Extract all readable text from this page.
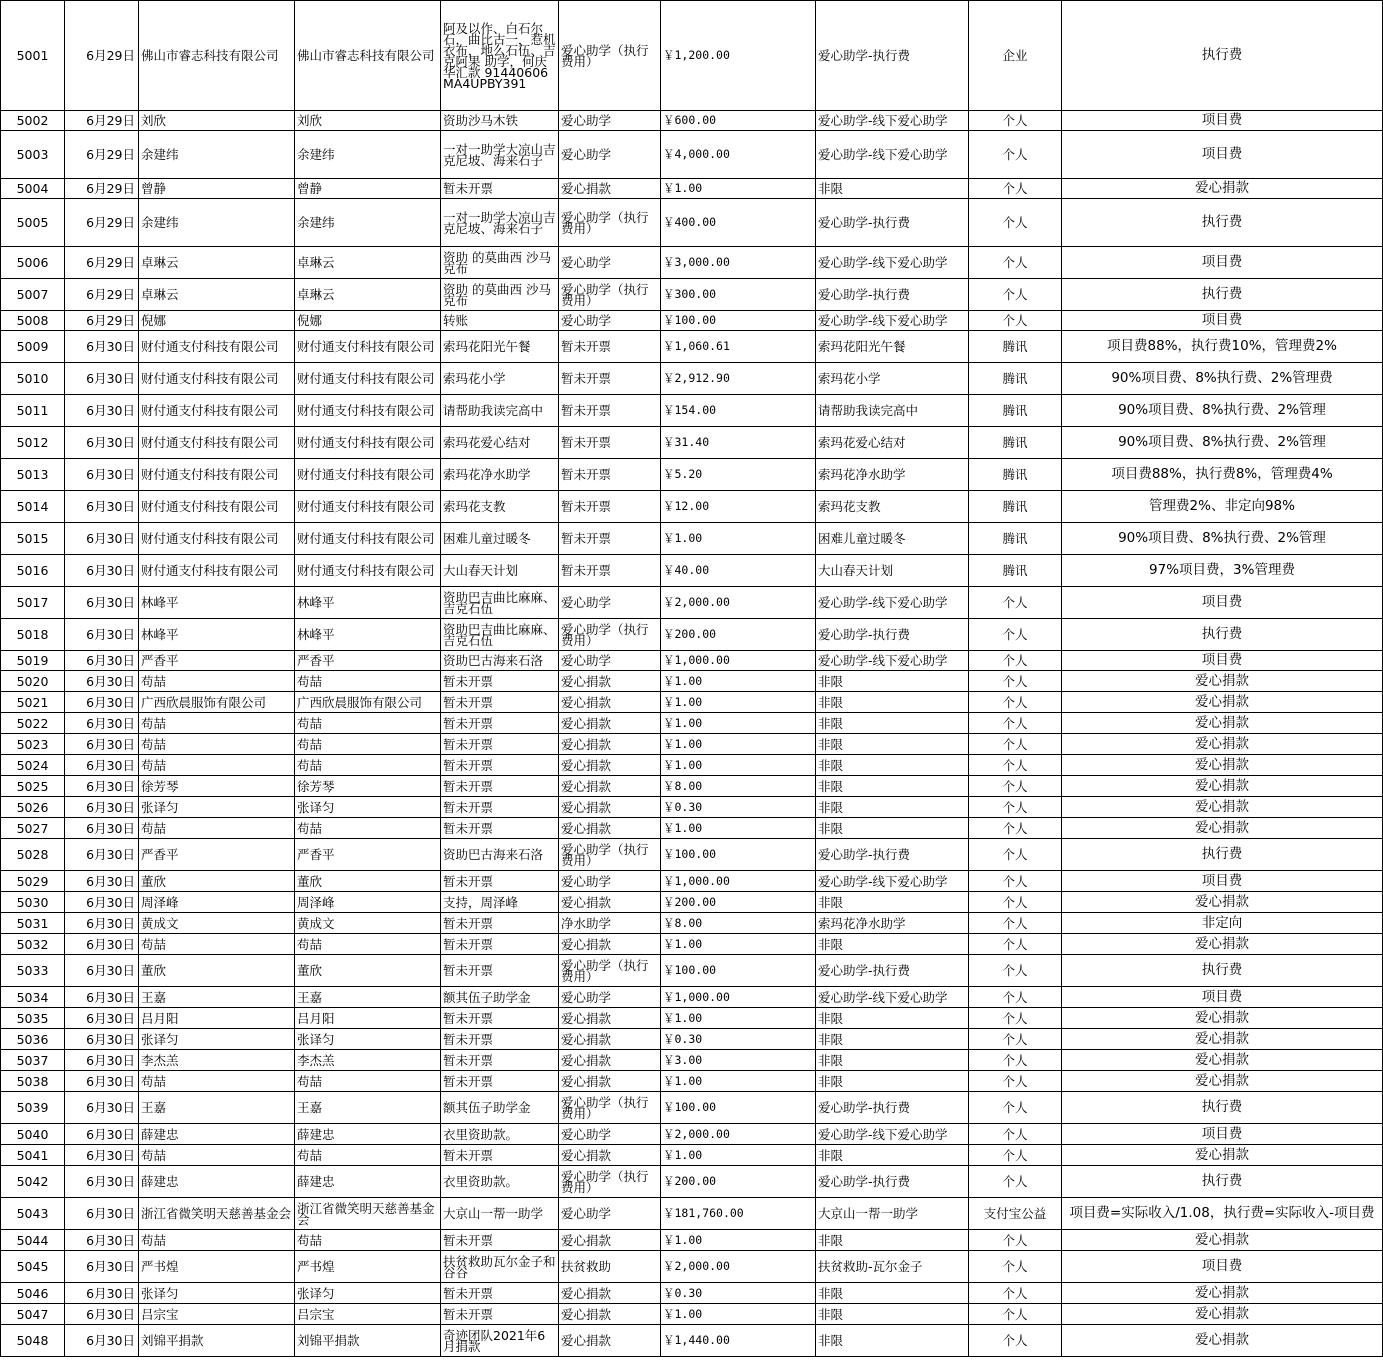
5001	6月29日	佛山市睿志科技有限公司	佛山市睿志科技有限公司	阿及以作、白石尔石，曲比古一，惹机衣布，地么石伍、吉克阿果 助学，何庆华汇款 91440606MA4UPBY391	爱心助学（执行费用）	￥1,200.00	爱心助学-执行费	企业	执行费
5002	6月29日	刘欣	刘欣	资助沙马木铁	爱心助学	￥600.00	爱心助学-线下爱心助学	个人	项目费
5003	6月29日	余建纬	余建纬	一对一助学大凉山吉克尼坡、海来石子	爱心助学	￥4,000.00	爱心助学-线下爱心助学	个人	项目费
5004	6月29日	曾静	曾静	暂未开票	爱心捐款	￥1.00	非限	个人	爱心捐款
5005	6月29日	余建纬	余建纬	一对一助学大凉山吉克尼坡、海来石子	爱心助学（执行费用）	￥400.00	爱心助学-执行费	个人	执行费
5006	6月29日	卓琳云	卓琳云	资助 的莫曲西 沙马克布	爱心助学	￥3,000.00	爱心助学-线下爱心助学	个人	项目费
5007	6月29日	卓琳云	卓琳云	资助 的莫曲西 沙马克布	爱心助学（执行费用）	￥300.00	爱心助学-执行费	个人	执行费
5008	6月29日	倪娜	倪娜	转账	爱心助学	￥100.00	爱心助学-线下爱心助学	个人	项目费
5009	6月30日	财付通支付科技有限公司	财付通支付科技有限公司	索玛花阳光午餐	暂未开票	￥1,060.61	索玛花阳光午餐	腾讯	项目费88%，执行费10%，管理费2%
5010	6月30日	财付通支付科技有限公司	财付通支付科技有限公司	索玛花小学	暂未开票	￥2,912.90	索玛花小学	腾讯	90%项目费、8%执行费、2%管理费
5011	6月30日	财付通支付科技有限公司	财付通支付科技有限公司	请帮助我读完高中	暂未开票	￥154.00	请帮助我读完高中	腾讯	90%项目费、8%执行费、2%管理
5012	6月30日	财付通支付科技有限公司	财付通支付科技有限公司	索玛花爱心结对	暂未开票	￥31.40	索玛花爱心结对	腾讯	90%项目费、8%执行费、2%管理
5013	6月30日	财付通支付科技有限公司	财付通支付科技有限公司	索玛花净水助学	暂未开票	￥5.20	索玛花净水助学	腾讯	项目费88%，执行费8%，管理费4%
5014	6月30日	财付通支付科技有限公司	财付通支付科技有限公司	索玛花支教	暂未开票	￥12.00	索玛花支教	腾讯	管理费2%、非定向98%
5015	6月30日	财付通支付科技有限公司	财付通支付科技有限公司	困难儿童过暖冬	暂未开票	￥1.00	困难儿童过暖冬	腾讯	90%项目费、8%执行费、2%管理
5016	6月30日	财付通支付科技有限公司	财付通支付科技有限公司	大山春天计划	暂未开票	￥40.00	大山春天计划	腾讯	97%项目费，3%管理费
5017	6月30日	林峰平	林峰平	资助巴吉曲比麻麻、吉克石伍	爱心助学	￥2,000.00	爱心助学-线下爱心助学	个人	项目费
5018	6月30日	林峰平	林峰平	资助巴吉曲比麻麻、吉克石伍	爱心助学（执行费用）	￥200.00	爱心助学-执行费	个人	执行费
5019	6月30日	严香平	严香平	资助巴古海来石洛	爱心助学	￥1,000.00	爱心助学-线下爱心助学	个人	项目费
5020	6月30日	苟喆	苟喆	暂未开票	爱心捐款	￥1.00	非限	个人	爱心捐款
5021	6月30日	广西欣晨服饰有限公司	广西欣晨服饰有限公司	暂未开票	爱心捐款	￥1.00	非限	个人	爱心捐款
5022	6月30日	苟喆	苟喆	暂未开票	爱心捐款	￥1.00	非限	个人	爱心捐款
5023	6月30日	苟喆	苟喆	暂未开票	爱心捐款	￥1.00	非限	个人	爱心捐款
5024	6月30日	苟喆	苟喆	暂未开票	爱心捐款	￥1.00	非限	个人	爱心捐款
5025	6月30日	徐芳琴	徐芳琴	暂未开票	爱心捐款	￥8.00	非限	个人	爱心捐款
5026	6月30日	张译匀	张译匀	暂未开票	爱心捐款	￥0.30	非限	个人	爱心捐款
5027	6月30日	苟喆	苟喆	暂未开票	爱心捐款	￥1.00	非限	个人	爱心捐款
5028	6月30日	严香平	严香平	资助巴古海来石洛	爱心助学（执行费用）	￥100.00	爱心助学-执行费	个人	执行费
5029	6月30日	董欣	董欣	暂未开票	爱心助学	￥1,000.00	爱心助学-线下爱心助学	个人	项目费
5030	6月30日	周泽峰	周泽峰	支持，周泽峰	爱心捐款	￥200.00	非限	个人	爱心捐款
5031	6月30日	黄成文	黄成文	暂未开票	净水助学	￥8.00	索玛花净水助学	个人	非定向
5032	6月30日	苟喆	苟喆	暂未开票	爱心捐款	￥1.00	非限	个人	爱心捐款
5033	6月30日	董欣	董欣	暂未开票	爱心助学（执行费用）	￥100.00	爱心助学-执行费	个人	执行费
5034	6月30日	王嘉	王嘉	额其伍子助学金	爱心助学	￥1,000.00	爱心助学-线下爱心助学	个人	项目费
5035	6月30日	吕月阳	吕月阳	暂未开票	爱心捐款	￥1.00	非限	个人	爱心捐款
5036	6月30日	张译匀	张译匀	暂未开票	爱心捐款	￥0.30	非限	个人	爱心捐款
5037	6月30日	李杰羔	李杰羔	暂未开票	爱心捐款	￥3.00	非限	个人	爱心捐款
5038	6月30日	苟喆	苟喆	暂未开票	爱心捐款	￥1.00	非限	个人	爱心捐款
5039	6月30日	王嘉	王嘉	额其伍子助学金	爱心助学（执行费用）	￥100.00	爱心助学-执行费	个人	执行费
5040	6月30日	薛建忠	薛建忠	衣里资助款。	爱心助学	￥2,000.00	爱心助学-线下爱心助学	个人	项目费
5041	6月30日	苟喆	苟喆	暂未开票	爱心捐款	￥1.00	非限	个人	爱心捐款
5042	6月30日	薛建忠	薛建忠	衣里资助款。	爱心助学（执行费用）	￥200.00	爱心助学-执行费	个人	执行费
5043	6月30日	浙江省微笑明天慈善基金会	浙江省微笑明天慈善基金会	大京山一帮一助学	爱心助学	￥181,760.00	大京山一帮一助学	支付宝公益	项目费=实际收入/1.08，执行费=实际收入-项目费
5044	6月30日	苟喆	苟喆	暂未开票	爱心捐款	￥1.00	非限	个人	爱心捐款
5045	6月30日	严书煌	严书煌	扶贫救助瓦尔金子和谷谷	扶贫救助	￥2,000.00	扶贫救助-瓦尔金子	个人	项目费
5046	6月30日	张译匀	张译匀	暂未开票	爱心捐款	￥0.30	非限	个人	爱心捐款
5047	6月30日	吕宗宝	吕宗宝	暂未开票	爱心捐款	￥1.00	非限	个人	爱心捐款
5048	6月30日	刘锦平捐款	刘锦平捐款	奇迹团队2021年6月捐款	爱心捐款	￥1,440.00	非限	个人	爱心捐款
